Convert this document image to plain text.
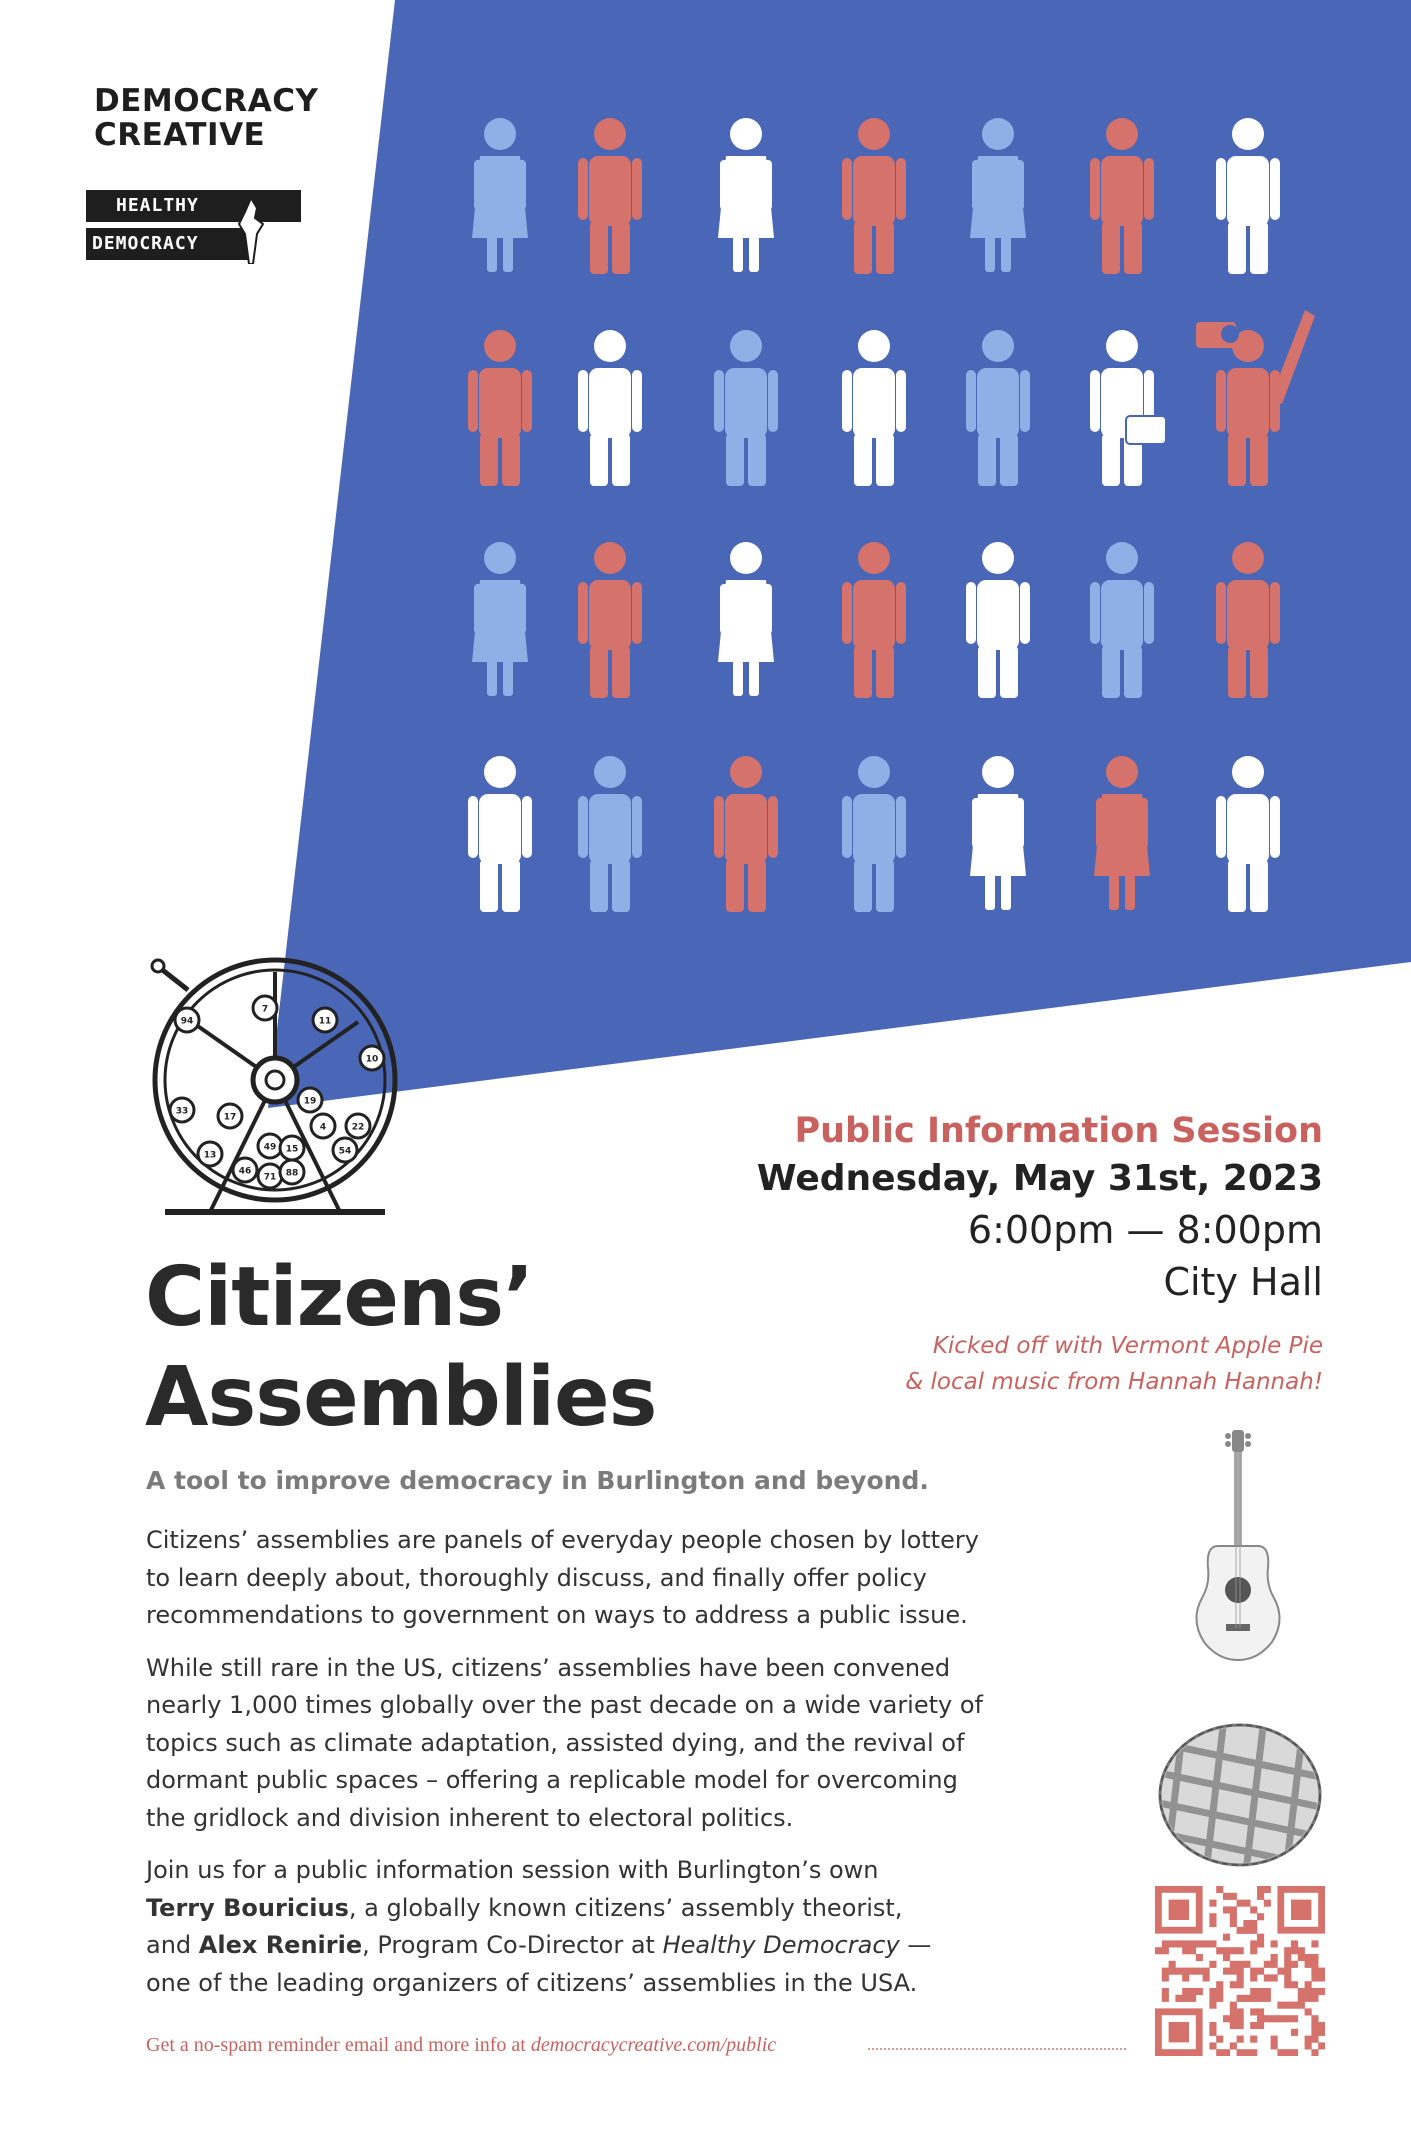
DEMOCRACY
CREATIVE
HEALTHY
DEMOCRACY
94
7
11
10
33
17
19
22
4
54
13
49 15
46
71 88
Public Information Session
Wednesday, May 31st, 2023
6:00pm — 8:00pm
City Hall
Kicked off with Vermont Apple Pie
& local music from Hannah Hannah!
Citizens’
Assemblies
A tool to improve democracy in Burlington and beyond.

Citizens’ assemblies are panels of everyday people chosen by lottery
to learn deeply about, thoroughly discuss, and finally offer policy
recommendations to government on ways to address a public issue.

While still rare in the US, citizens’ assemblies have been convened
nearly 1,000 times globally over the past decade on a wide variety of
topics such as climate adaptation, assisted dying, and the revival of
dormant public spaces – offering a replicable model for overcoming
the gridlock and division inherent to electoral politics.

Join us for a public information session with Burlington’s own
Terry Bouricius, a globally known citizens’ assembly theorist,
and Alex Renirie, Program Co-Director at Healthy Democracy —
one of the leading organizers of citizens’ assemblies in the USA.

Get a no-spam reminder email and more info at democracycreative.com/public
